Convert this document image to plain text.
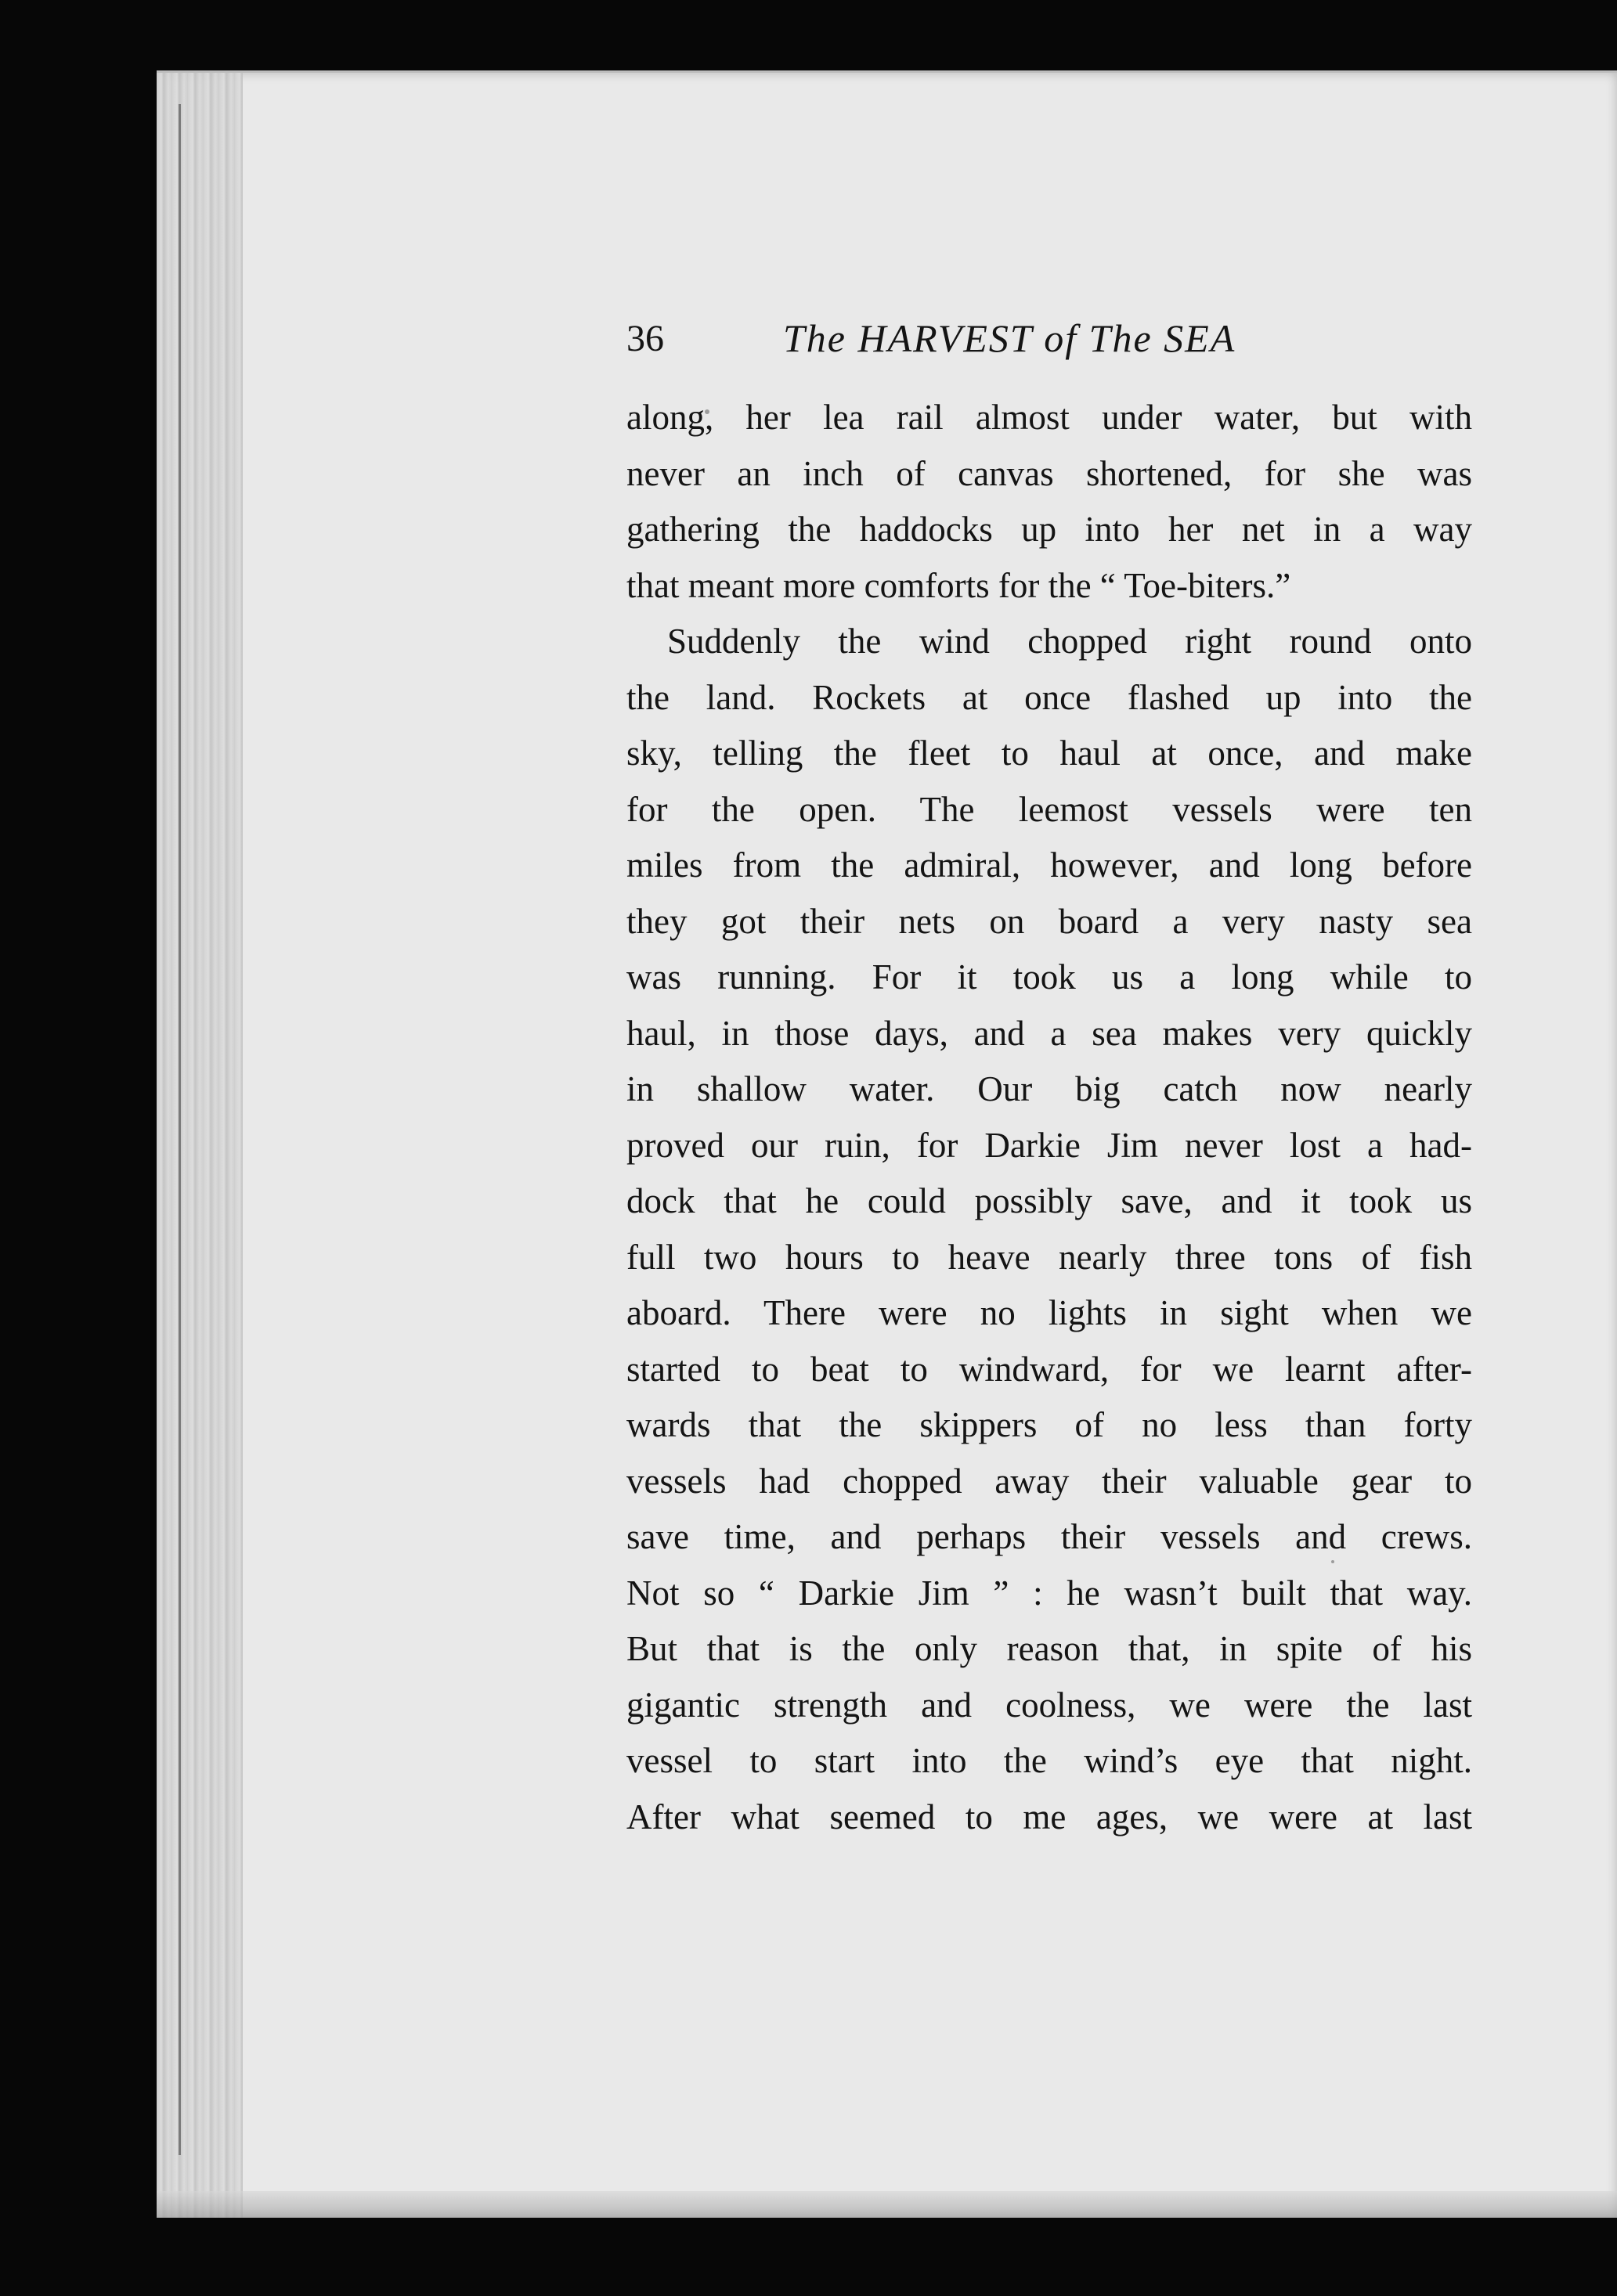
36	The HARVEST of The SEA
along, her lea rail almost under water, but with
never an inch of canvas shortened, for she was
gathering the haddocks up into her net in a way
that meant more comforts for the “ Toe-biters.”
Suddenly the wind chopped right round onto
the land. Rockets at once flashed up into the
sky, telling the fleet to haul at once, and make
for the open. The leemost vessels were ten
miles from the admiral, however, and long before
they got their nets on board a very nasty sea
was running. For it took us a long while to
haul, in those days, and a sea makes very quickly
in shallow water. Our big catch now nearly
proved our ruin, for Darkie Jim never lost a had-
dock that he could possibly save, and it took us
full two hours to heave nearly three tons of fish
aboard. There were no lights in sight when we
started to beat to windward, for we learnt after-
wards that the skippers of no less than forty
vessels had chopped away their valuable gear to
save time, and perhaps their vessels and crews.
Not so “ Darkie Jim ” : he wasn’t built that way.
But that is the only reason that, in spite of his
gigantic strength and coolness, we were the last
vessel to start into the wind’s eye that night.
After what seemed to me ages, we were at last
